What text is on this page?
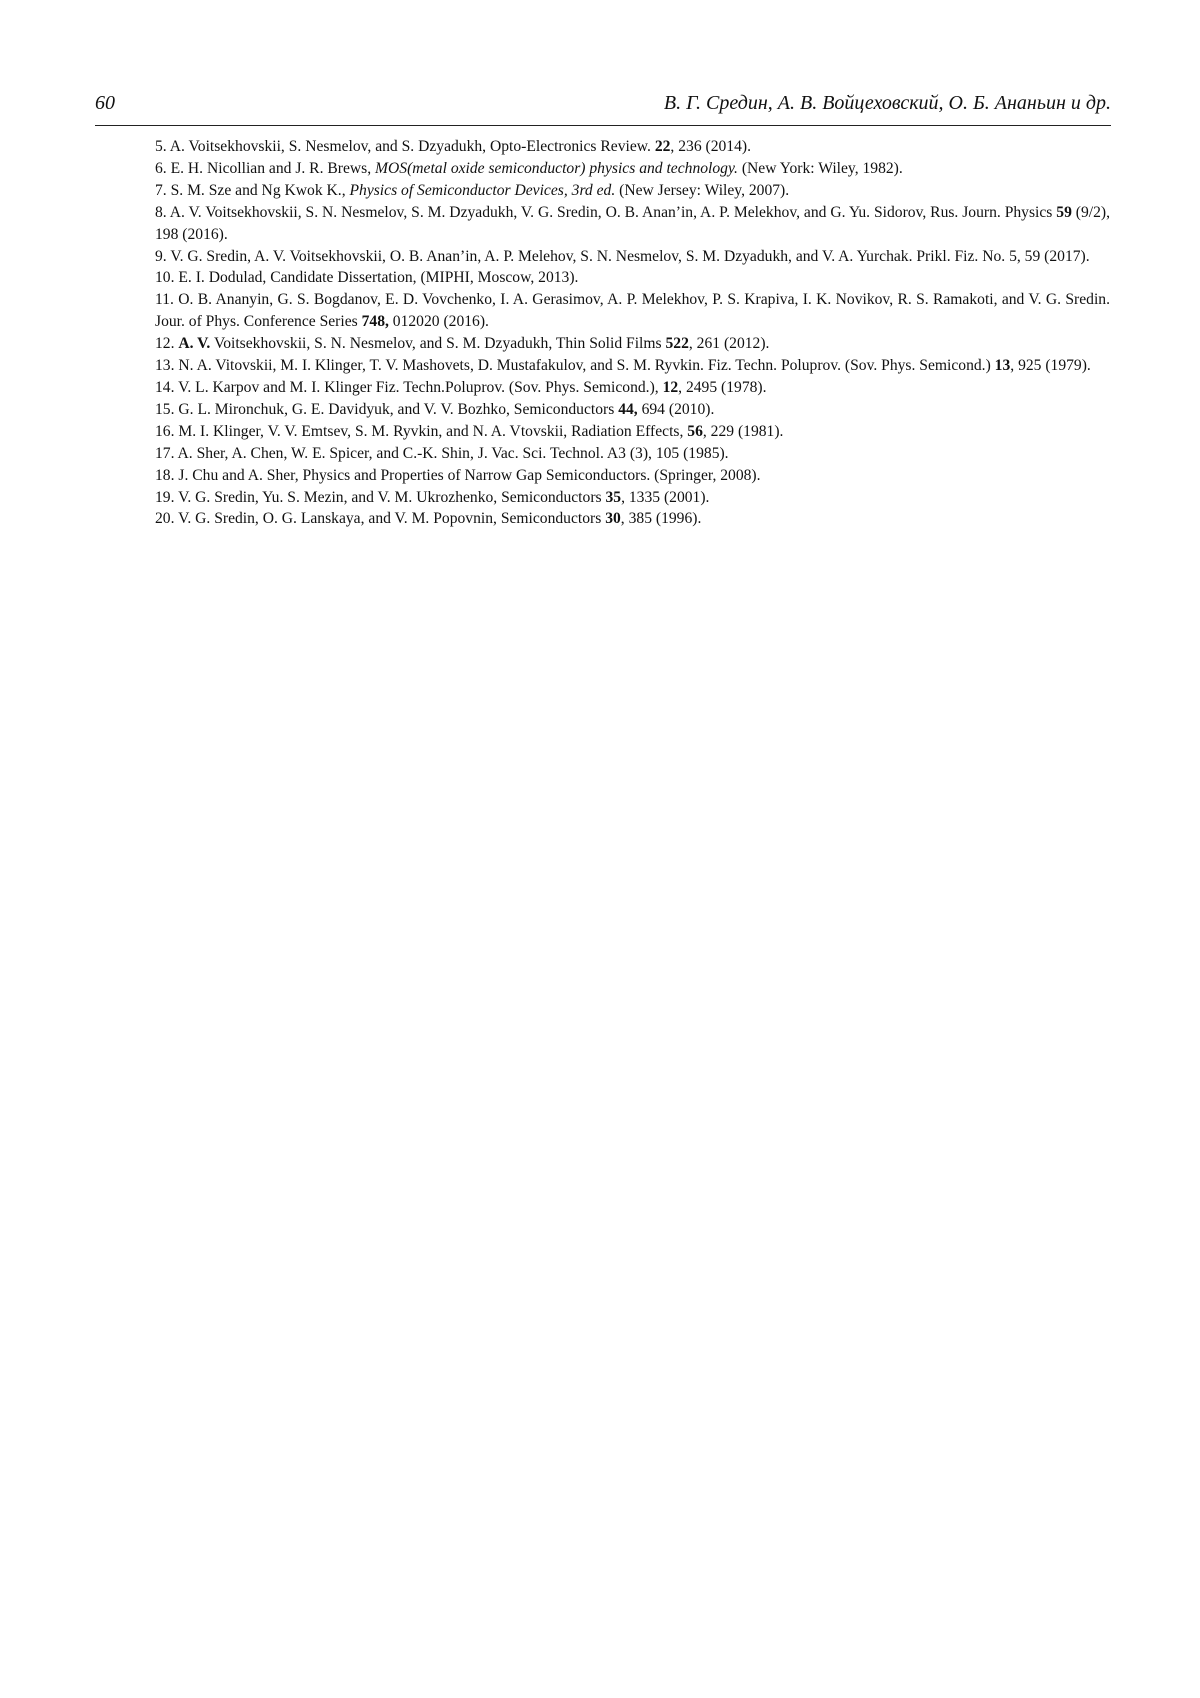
60	В. Г. Средин, А. В. Войцеховский, О. Б. Ананьин и др.
5. A. Voitsekhovskii, S. Nesmelov, and S. Dzyadukh, Opto-Electronics Review. 22, 236 (2014).
6. E. H. Nicollian and J. R. Brews, MOS(metal oxide semiconductor) physics and technology. (New York: Wiley, 1982).
7. S. M. Sze and Ng Kwok K., Physics of Semiconductor Devices, 3rd ed. (New Jersey: Wiley, 2007).
8. A. V. Voitsekhovskii, S. N. Nesmelov, S. M. Dzyadukh, V. G. Sredin, O. B. Anan’in, A. P. Melekhov, and G. Yu. Sidorov, Rus. Journ. Physics 59 (9/2), 198 (2016).
9. V. G. Sredin, A. V. Voitsekhovskii, O. B. Anan’in, A. P. Melehov, S. N. Nesmelov, S. M. Dzyadukh, and V. A. Yurchak. Prikl. Fiz. No. 5, 59 (2017).
10. E. I. Dodulad, Candidate Dissertation, (MIPHI, Moscow, 2013).
11. O. B. Ananyin, G. S. Bogdanov, E. D. Vovchenko, I. A. Gerasimov, A. P. Melekhov, P. S. Krapiva, I. K. Novikov, R. S. Ramakoti, and V. G. Sredin. Jour. of Phys. Conference Series 748, 012020 (2016).
12. A. V. Voitsekhovskii, S. N. Nesmelov, and S. M. Dzyadukh, Thin Solid Films 522, 261 (2012).
13. N. A. Vitovskii, M. I. Klinger, T. V. Mashovets, D. Mustafakulov, and S. M. Ryvkin. Fiz. Techn. Poluprov. (Sov. Phys. Semicond.) 13, 925 (1979).
14. V. L. Karpov and M. I. Klinger Fiz. Techn.Poluprov. (Sov. Phys. Semicond.), 12, 2495 (1978).
15. G. L. Mironchuk, G. E. Davidyuk, and V. V. Bozhko, Semiconductors 44, 694 (2010).
16. M. I. Klinger, V. V. Emtsev, S. M. Ryvkin, and N. A. Vtovskii, Radiation Effects, 56, 229 (1981).
17. A. Sher, A. Chen, W. E. Spicer, and C.-K. Shin, J. Vac. Sci. Technol. A3 (3), 105 (1985).
18. J. Chu and A. Sher, Physics and Properties of Narrow Gap Semiconductors. (Springer, 2008).
19. V. G. Sredin, Yu. S. Mezin, and V. M. Ukrozhenko, Semiconductors 35, 1335 (2001).
20. V. G. Sredin, O. G. Lanskaya, and V. M. Popovnin, Semiconductors 30, 385 (1996).
